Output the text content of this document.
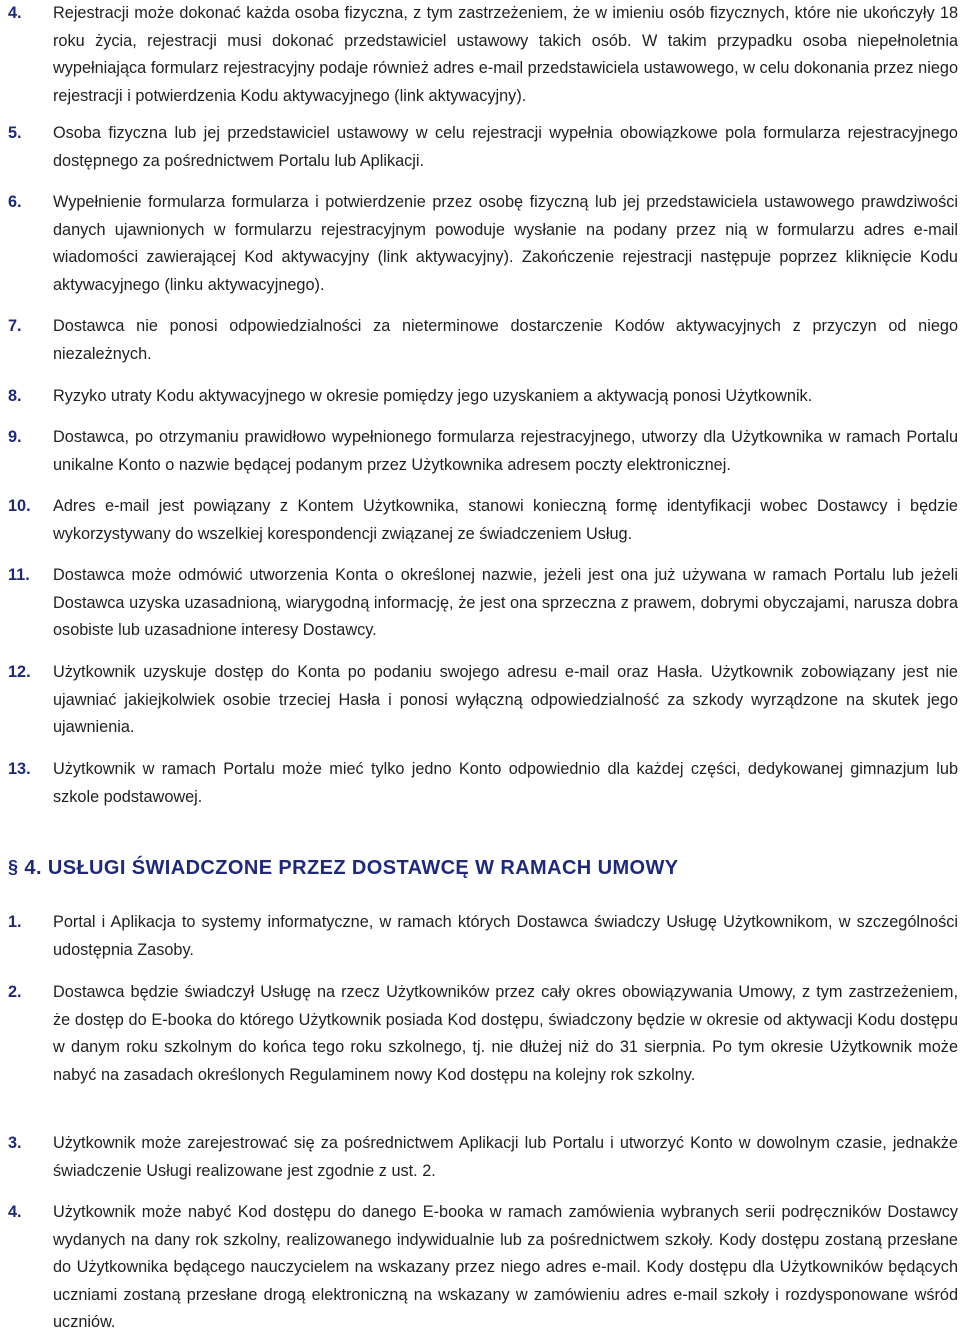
4. Rejestracji może dokonać każda osoba fizyczna, z tym zastrzeżeniem, że w imieniu osób fizycznych, które nie ukończyły 18 roku życia, rejestracji musi dokonać przedstawiciel ustawowy takich osób. W takim przypadku osoba niepełnoletnia wypełniająca formularz rejestracyjny podaje również adres e-mail przedstawiciela ustawowego, w celu dokonania przez niego rejestracji i potwierdzenia Kodu aktywacyjnego (link aktywacyjny).

5. Osoba fizyczna lub jej przedstawiciel ustawowy w celu rejestracji wypełnia obowiązkowe pola formularza rejestracyjnego dostępnego za pośrednictwem Portalu lub Aplikacji.

6. Wypełnienie formularza formularza i potwierdzenie przez osobę fizyczną lub jej przedstawiciela ustawowego prawdziwości danych ujawnionych w formularzu rejestracyjnym powoduje wysłanie na podany przez nią w formularzu adres e-mail wiadomości zawierającej Kod aktywacyjny (link aktywacyjny). Zakończenie rejestracji następuje poprzez kliknięcie Kodu aktywacyjnego (linku aktywacyjnego).

7. Dostawca nie ponosi odpowiedzialności za nieterminowe dostarczenie Kodów aktywacyjnych z przyczyn od niego niezależnych.

8. Ryzyko utraty Kodu aktywacyjnego w okresie pomiędzy jego uzyskaniem a aktywacją ponosi Użytkownik.

9. Dostawca, po otrzymaniu prawidłowo wypełnionego formularza rejestracyjnego, utworzy dla Użytkownika w ramach Portalu unikalne Konto o nazwie będącej podanym przez Użytkownika adresem poczty elektronicznej.

10. Adres e-mail jest powiązany z Kontem Użytkownika, stanowi konieczną formę identyfikacji wobec Dostawcy i będzie wykorzystywany do wszelkiej korespondencji związanej ze świadczeniem Usług.

11. Dostawca może odmówić utworzenia Konta o określonej nazwie, jeżeli jest ona już używana w ramach Portalu lub jeżeli Dostawca uzyska uzasadnioną, wiarygodną informację, że jest ona sprzeczna z prawem, dobrymi obyczajami, narusza dobra osobiste lub uzasadnione interesy Dostawcy.

12. Użytkownik uzyskuje dostęp do Konta po podaniu swojego adresu e-mail oraz Hasła. Użytkownik zobowiązany jest nie ujawniać jakiejkolwiek osobie trzeciej Hasła i ponosi wyłączną odpowiedzialność za szkody wyrządzone na skutek jego ujawnienia.

13. Użytkownik w ramach Portalu może mieć tylko jedno Konto odpowiednio dla każdej części, dedykowanej gimnazjum lub szkole podstawowej.

§ 4. USŁUGI ŚWIADCZONE PRZEZ DOSTAWCĘ W RAMACH UMOWY
1. Portal i Aplikacja to systemy informatyczne, w ramach których Dostawca świadczy Usługę Użytkownikom, w szczególności udostępnia Zasoby.

2. Dostawca będzie świadczył Usługę na rzecz Użytkowników przez cały okres obowiązywania Umowy, z tym zastrzeżeniem, że dostęp do E-booka do którego Użytkownik posiada Kod dostępu, świadczony będzie w okresie od aktywacji Kodu dostępu w danym roku szkolnym do końca tego roku szkolnego, tj. nie dłużej niż do 31 sierpnia. Po tym okresie Użytkownik może nabyć na zasadach określonych Regulaminem nowy Kod dostępu na kolejny rok szkolny.

3. Użytkownik może zarejestrować się za pośrednictwem Aplikacji lub Portalu i utworzyć Konto w dowolnym czasie, jednakże świadczenie Usługi realizowane jest zgodnie z ust. 2.

4. Użytkownik może nabyć Kod dostępu do danego E-booka w ramach zamówienia wybranych serii podręczników Dostawcy wydanych na dany rok szkolny, realizowanego indywidualnie lub za pośrednictwem szkoły. Kody dostępu zostaną przesłane do Użytkownika będącego nauczycielem na wskazany przez niego adres e-mail. Kody dostępu dla Użytkowników będących uczniami zostaną przesłane drogą elektroniczną na wskazany w zamówieniu adres e-mail szkoły i rozdysponowane wśród uczniów.
